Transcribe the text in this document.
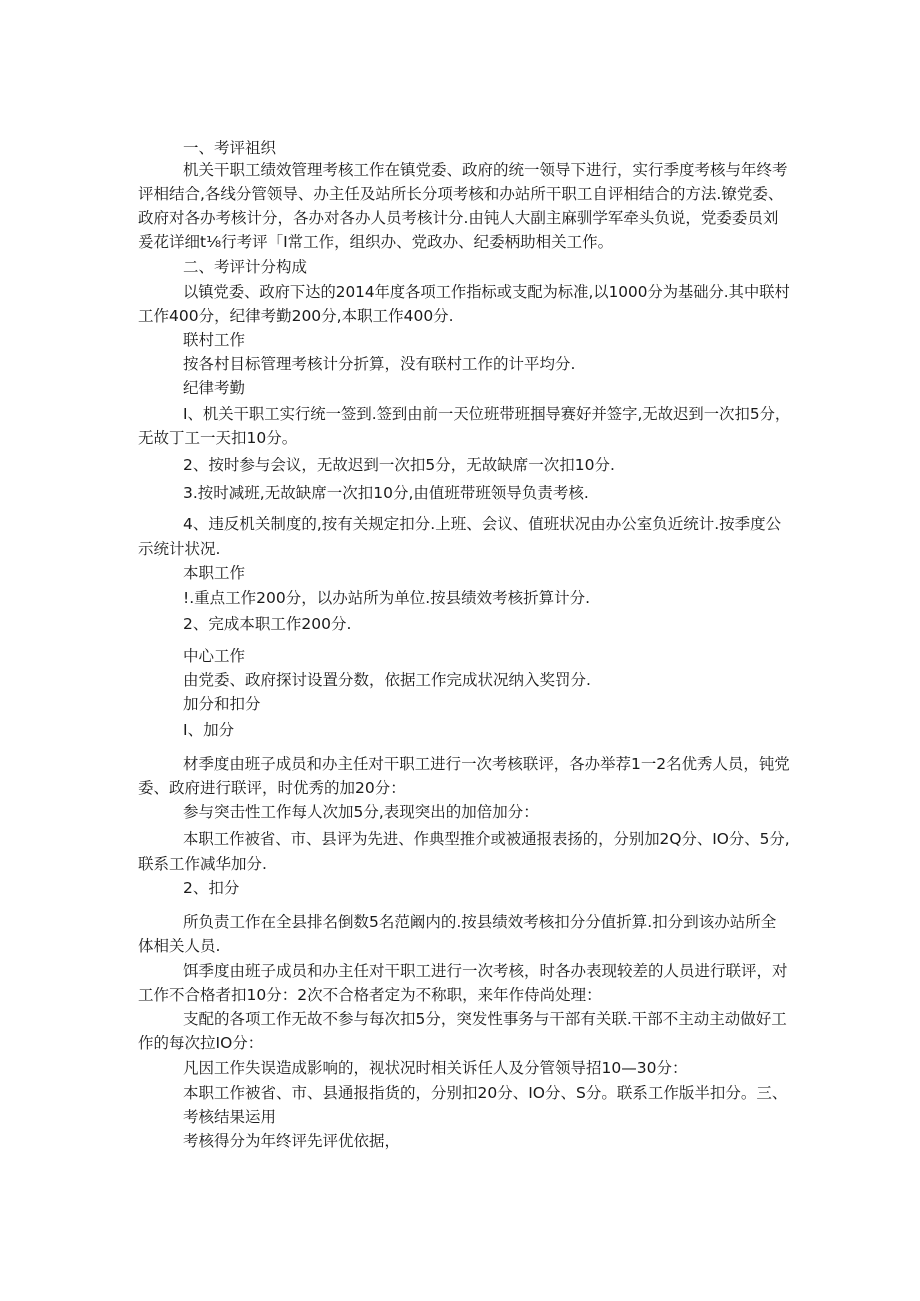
一、考评祖织
机关干职工绩效管理考核工作在镇党委、政府的统一领导下进行，实行季度考核与年终考
评相结合,各线分管领导、办主任及站所长分项考核和办站所干职工自评相结合的方法.镣党委、
政府对各办考核计分，各办对各办人员考核计分.由钝人大副主麻驯学军牵头负说，党委委员刘
爰花详细t⅛行考评「I常工作，组织办、党政办、纪委柄助相关工作。
二、考评计分构成
以镇党委、政府下达的2014年度各项工作指标或支配为标准,以1000分为基础分.其中联村
工作400分，纪律考勤200分,本职工作400分.
联村工作
按各村目标管理考核计分折算，没有联村工作的计平均分.
纪律考勤
I、机关干职工实行统一签到.签到由前一天位班带班掴导赛好并签字,无故迟到一次扣5分，
无故丁工一天扣10分。
2、按时参与会议，无故迟到一次扣5分，无故缺席一次扣10分.
3.按时减班,无故缺席一次扣10分,由值班带班领导负责考核.
4、违反机关制度的,按有关规定扣分.上班、会议、值班状况由办公室负近统计.按季度公
示统计状况.
本职工作
!.重点工作200分，以办站所为单位.按县绩效考核折算计分.
2、完成本职工作200分.
中心工作
由党委、政府探讨设置分数，依据工作完成状况纳入奖罚分.
加分和扣分
I、加分
材季度由班子成员和办主任对干职工进行一次考核联评，各办举荐1一2名优秀人员，钝党
委、政府进行联评，时优秀的加20分：
参与突击性工作每人次加5分,表现突出的加倍加分：
本职工作被省、市、县评为先进、作典型推介或被通报表扬的，分别加2Q分、IO分、5分,
联系工作减华加分.
2、扣分
所负责工作在全县排名倒数5名范阚内的.按县绩效考核扣分分值折算.扣分到该办站所全
体相关人员.
饵季度由班子成员和办主任对干职工进行一次考核，时各办表现较差的人员进行联评，对
工作不合格者扣10分：2次不合格者定为不称职，来年作侍尚处理：
支配的各项工作无故不参与每次扣5分，突发性事务与干部有关联.干部不主动主动做好工
作的每次拉IO分：
凡因工作失误造成影响的，视状况时相关诉任人及分管领导招10—30分：
本职工作被省、市、县通报指货的，分别扣20分、IO分、S分。联系工作版半扣分。三、
考核结果运用
考核得分为年终评先评优依据，
